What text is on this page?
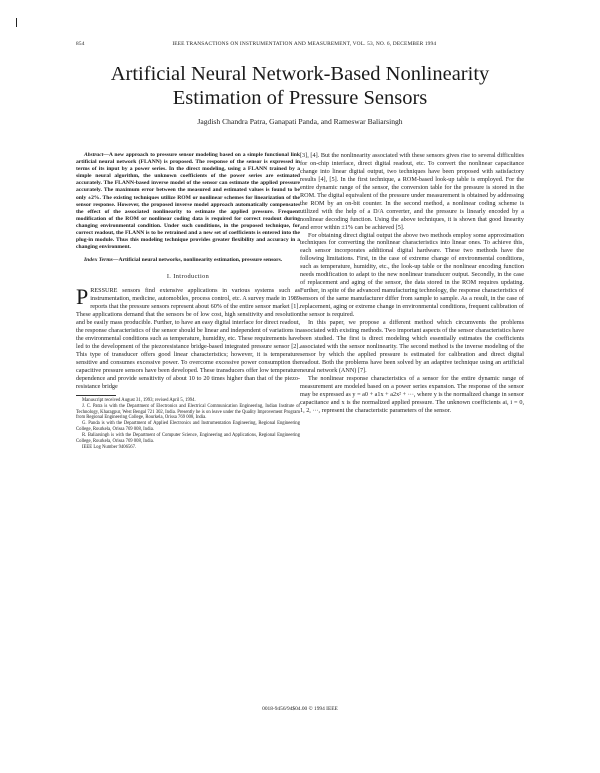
854	IEEE TRANSACTIONS ON INSTRUMENTATION AND MEASUREMENT, VOL. 53, NO. 6, DECEMBER 1994
Artificial Neural Network-Based Nonlinearity
Estimation of Pressure Sensors
Jagdish Chandra Patra, Ganapati Panda, and Rameswar Baliarsingh

Abstract—A new approach to pressure sensor modeling based on a simple functional link artificial neural network (FLANN) is proposed. The response of the sensor is expressed in terms of its input by a power series. In the direct modeling, using a FLANN trained by a simple neural algorithm, the unknown coefficients of the power series are estimated accurately. The FLANN-based inverse model of the sensor can estimate the applied pressure accurately. The maximum error between the measured and estimated values is found to be only ±2%. The existing techniques utilize ROM or nonlinear schemes for linearization of the sensor response. However, the proposed inverse model approach automatically compensates the effect of the associated nonlinearity to estimate the applied pressure. Frequent modification of the ROM or nonlinear coding data is required for correct readout during changing environmental condition. Under such conditions, in the proposed technique, for correct readout, the FLANN is to be retrained and a new set of coefficients is entered into the plug-in module. Thus this modeling technique provides greater flexibility and accuracy in a changing environment.

Index Terms—Artificial neural networks, nonlinearity estimation, pressure sensors.

I. Introduction

PRESSURE sensors find extensive applications in various systems such as instrumentation, medicine, automobiles, process control, etc. A survey made in 1989 reports that the pressure sensors represent about 60% of the entire sensor market [1]. These applications demand that the sensors be of low cost, high sensitivity and resolution and be easily mass producible. Further, to have an easy digital interface for direct readout, the response characteristics of the sensor should be linear and independent of variations in the environmental conditions such as temperature, humidity, etc. These requirements have led to the development of the piezoresistance bridge-based integrated pressure sensor [2]. This type of transducer offers good linear characteristics; however, it is temperature sensitive and consumes excessive power. To overcome excessive power consumption the capacitive pressure sensors have been developed. These transducers offer low temperature dependence and provide sensitivity of about 10 to 20 times higher than that of the piezo-resistance bridge

Manuscript received August 31, 1993; revised April 5, 1994.

J. C. Patra is with the Department of Electronics and Electrical Communication Engineering, Indian Institute of Technology, Kharagpur, West Bengal 721 302, India. Presently he is on leave under the Quality Improvement Program from Regional Engineering College, Rourkela, Orissa 769 008, India.

G. Panda is with the Department of Applied Electronics and Instrumentation Engineering, Regional Engineering College, Rourkela, Orissa 769 008, India.

R. Baliarsingh is with the Department of Computer Science, Engineering and Applications, Regional Engineering College, Rourkela, Orissa 769 008, India.

IEEE Log Number 9406567.

[3], [4]. But the nonlinearity associated with these sensors gives rise to several difficulties for on-chip interface, direct digital readout, etc. To convert the nonlinear capacitance change into linear digital output, two techniques have been proposed with satisfactory results [4], [5]. In the first technique, a ROM-based look-up table is employed. For the entire dynamic range of the sensor, the conversion table for the pressure is stored in the ROM. The digital equivalent of the pressure under measurement is obtained by addressing the ROM by an on-bit counter. In the second method, a nonlinear coding scheme is utilized with the help of a D/A converter, and the pressure is linearly encoded by a nonlinear decoding function. Using the above techniques, it is shown that good linearity and error within ±1% can be achieved [5].

For obtaining direct digital output the above two methods employ some approximation techniques for converting the nonlinear characteristics into linear ones. To achieve this, each sensor incorporates additional digital hardware. These two methods have the following limitations. First, in the case of extreme change of environmental conditions, such as temperature, humidity, etc., the look-up table or the nonlinear encoding function needs modification to adapt to the new nonlinear transducer output. Secondly, in the case of replacement and aging of the sensor, the data stored in the ROM requires updating. Further, in spite of the advanced manufacturing technology, the response characteristics of sensors of the same manufacturer differ from sample to sample. As a result, in the case of replacement, aging or extreme change in environmental conditions, frequent calibration of the sensor is required.

In this paper, we propose a different method which circumvents the problems associated with existing methods. Two important aspects of the sensor characteristics have been studied. The first is direct modeling which essentially estimates the coefficients associated with the sensor nonlinearity. The second method is the inverse modeling of the sensor by which the applied pressure is estimated for calibration and direct digital readout. Both the problems have been solved by an adaptive technique using an artificial neural network (ANN) [7].

The nonlinear response characteristics of a sensor for the entire dynamic range of measurement are modeled based on a power series expansion. The response of the sensor may be expressed as y = a0 + a1x + a2x² + ···, where y is the normalized change in sensor capacitance and x is the normalized applied pressure. The unknown coefficients ai, i = 0, 1, 2, ···, represent the characteristic parameters of the sensor.

0018-9456/94$04.00 © 1994 IEEE
